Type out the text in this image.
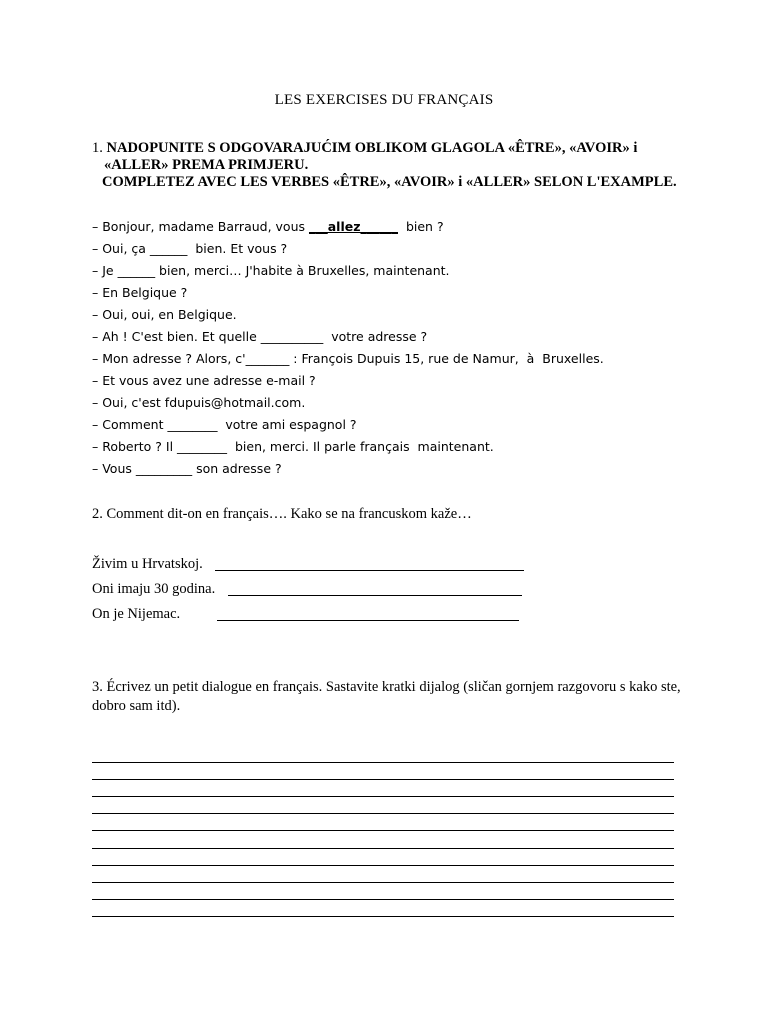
LES EXERCISES DU FRANÇAIS
1. NADOPUNITE S ODGOVARAJUĆIM OBLIKOM GLAGOLA «ÊTRE», «AVOIR» i
«ALLER» PREMA PRIMJERU.
COMPLETEZ AVEC LES VERBES «ÊTRE», «AVOIR» i «ALLER» SELON L'EXAMPLE.
– Bonjour, madame Barraud, vous ___allez______  bien ?
– Oui, ça ______  bien. Et vous ?
– Je ______ bien, merci… J'habite à Bruxelles, maintenant.
– En Belgique ?
– Oui, oui, en Belgique.
– Ah ! C'est bien. Et quelle __________  votre adresse ?
– Mon adresse ? Alors, c'_______ : François Dupuis 15, rue de Namur,  à  Bruxelles.
– Et vous avez une adresse e-mail ?
– Oui, c'est fdupuis@hotmail.com.
– Comment ________  votre ami espagnol ?
– Roberto ? Il ________  bien, merci. Il parle français  maintenant.
– Vous _________ son adresse ?
2. Comment dit-on en français…. Kako se na francuskom kaže…
Živim u Hrvatskoj.
Oni imaju 30 godina.
On je Nijemac.
3. Écrivez un petit dialogue en français. Sastavite kratki dijalog (sličan gornjem razgovoru s kako ste, dobro sam itd).
